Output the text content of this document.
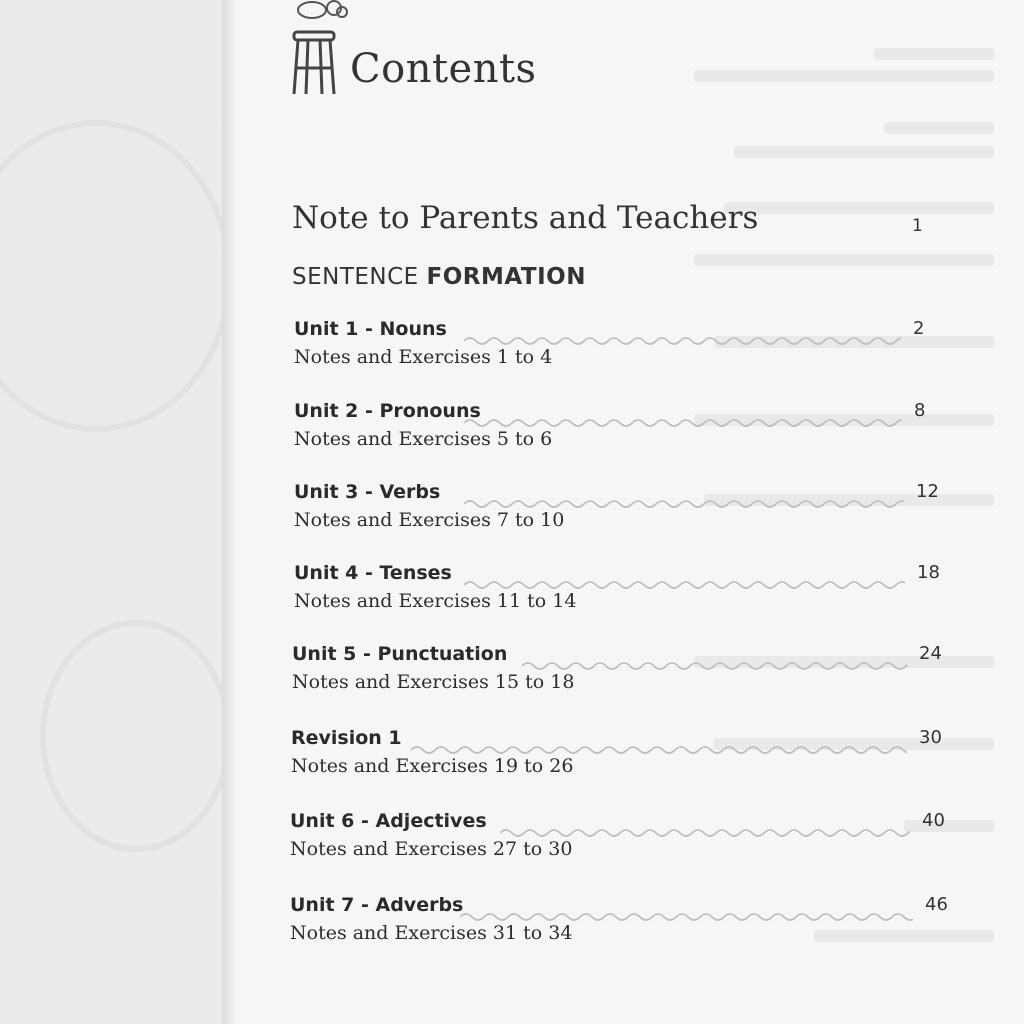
Contents
Note to Parents and Teachers	1
SENTENCE FORMATION
Unit 1 - Nouns
Notes and Exercises 1 to 4
2
Unit 2 - Pronouns
Notes and Exercises 5 to 6
8
Unit 3 - Verbs
Notes and Exercises 7 to 10
12
Unit 4 - Tenses
Notes and Exercises 11 to 14
18
Unit 5 - Punctuation
Notes and Exercises 15 to 18
24
Revision 1
Notes and Exercises 19 to 26
30
Unit 6 - Adjectives
Notes and Exercises 27 to 30
40
Unit 7 - Adverbs
Notes and Exercises 31 to 34
46
